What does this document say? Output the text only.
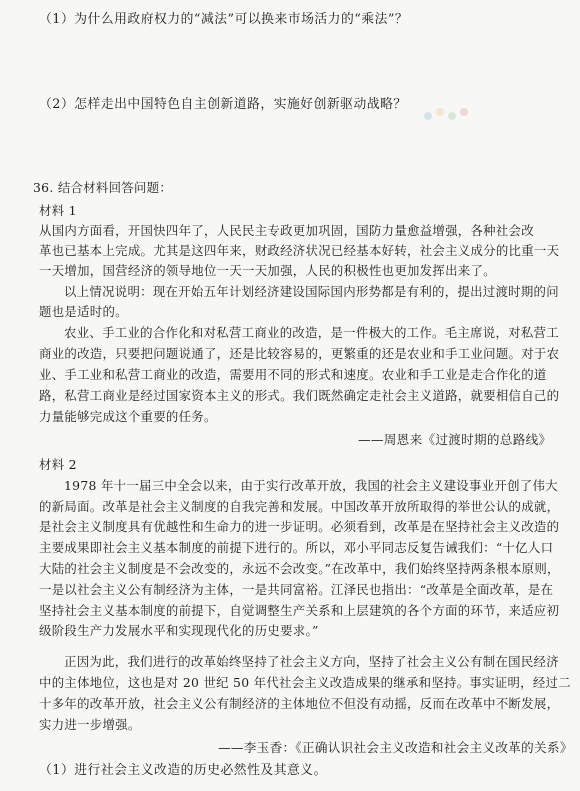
（1）为什么用政府权力的“减法”可以换来市场活力的“乘法”？
（2）怎样走出中国特色自主创新道路，实施好创新驱动战略？
36. 结合材料回答问题：
材料 1
从国内方面看，开国快四年了，人民民主专政更加巩固，国防力量愈益增强，各种社会改
革也已基本上完成。尤其是这四年来，财政经济状况已经基本好转，社会主义成分的比重一天
一天增加，国营经济的领导地位一天一天加强，人民的积极性也更加发挥出来了。
以上情况说明：现在开始五年计划经济建设国际国内形势都是有利的，提出过渡时期的问
题也是适时的。
农业、手工业的合作化和对私营工商业的改造，是一件极大的工作。毛主席说，对私营工
商业的改造，只要把问题说通了，还是比较容易的，更繁重的还是农业和手工业问题。对于农
业、手工业和私营工商业的改造，需要用不同的形式和速度。农业和手工业是走合作化的道
路，私营工商业是经过国家资本主义的形式。我们既然确定走社会主义道路，就要相信自己的
力量能够完成这个重要的任务。
——周恩来《过渡时期的总路线》
材料 2
1978 年十一届三中全会以来，由于实行改革开放，我国的社会主义建设事业开创了伟大
的新局面。改革是社会主义制度的自我完善和发展。中国改革开放所取得的举世公认的成就，
是社会主义制度具有优越性和生命力的进一步证明。必须看到，改革是在坚持社会主义改造的
主要成果即社会主义基本制度的前提下进行的。所以，邓小平同志反复告诫我们：“十亿人口
大陆的社会主义制度是不会改变的，永远不会改变。”在改革中，我们始终坚持两条根本原则，
一是以社会主义公有制经济为主体，一是共同富裕。江泽民也指出：“改革是全面改革，是在
坚持社会主义基本制度的前提下，自觉调整生产关系和上层建筑的各个方面的环节，来适应初
级阶段生产力发展水平和实现现代化的历史要求。”
正因为此，我们进行的改革始终坚持了社会主义方向，坚持了社会主义公有制在国民经济
中的主体地位，这也是对 20 世纪 50 年代社会主义改造成果的继承和坚持。事实证明，经过二
十多年的改革开放，社会主义公有制经济的主体地位不但没有动摇，反而在改革中不断发展，
实力进一步增强。
——李玉香：《正确认识社会主义改造和社会主义改革的关系》
（1）进行社会主义改造的历史必然性及其意义。
